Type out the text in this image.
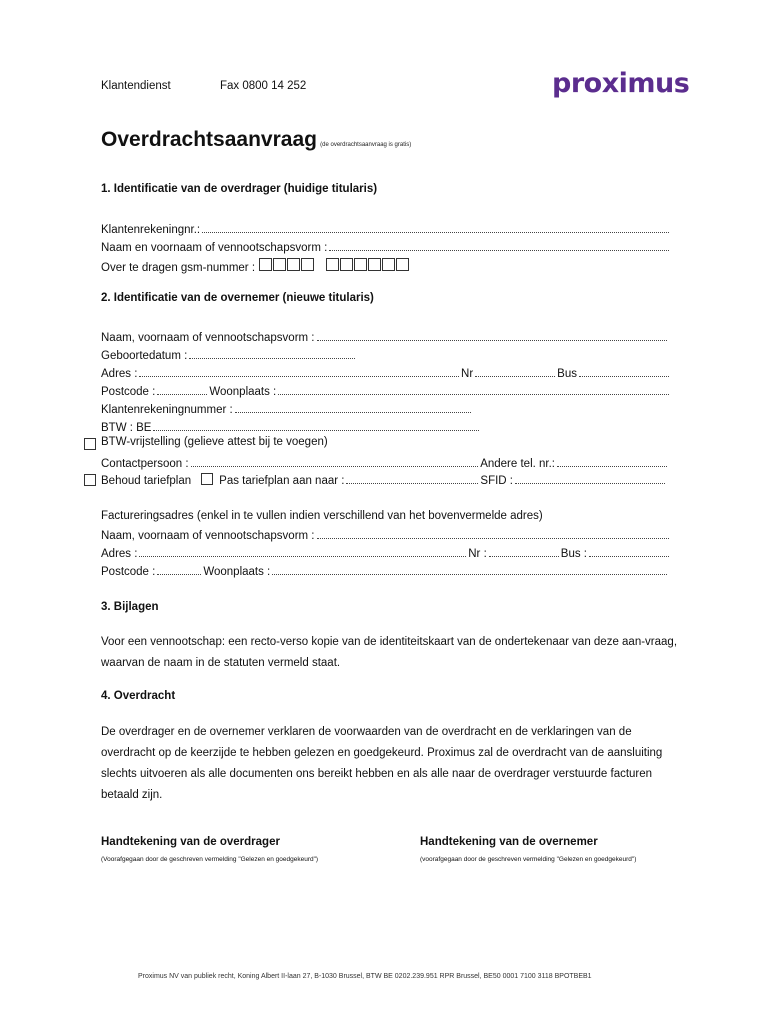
Klantendienst	Fax 0800 14 252	proximus
Overdrachtsaanvraag (de overdrachtsaanvraag is gratis)
1. Identificatie van de overdrager (huidige titularis)
Klantenrekeningnr.:
Naam en voornaam of vennootschapsvorm :
Over te dragen gsm-nummer :
2. Identificatie van de overnemer (nieuwe titularis)
Naam, voornaam of vennootschapsvorm :
Geboortedatum :
Adres :	Nr	Bus
Postcode :	Woonplaats :
Klantenrekeningnummer :
BTW : BE
BTW-vrijstelling (gelieve attest bij te voegen)
Contactpersoon :	Andere tel. nr.:
Behoud tariefplan Pas tariefplan aan naar :	SFID :
Factureringsadres (enkel in te vullen indien verschillend van het bovenvermelde adres)
Naam, voornaam of vennootschapsvorm :
Adres :	Nr :	Bus :
Postcode :	Woonplaats :
3. Bijlagen
Voor een vennootschap: een recto-verso kopie van de identiteitskaart van de ondertekenaar van deze aan-vraag, waarvan de naam in de statuten vermeld staat.
4. Overdracht
De overdrager en de overnemer verklaren de voorwaarden van de overdracht en de verklaringen van de overdracht op de keerzijde te hebben gelezen en goedgekeurd. Proximus zal de overdracht van de aansluiting slechts uitvoeren als alle documenten ons bereikt hebben en als alle naar de overdrager verstuurde facturen betaald zijn.
Handtekening van de overdrager
(Voorafgegaan door de geschreven vermelding "Gelezen en goedgekeurd")
Handtekening van de overnemer
(voorafgegaan door de geschreven vermelding "Gelezen en goedgekeurd")
Proximus NV van publiek recht, Koning Albert II-laan 27, B-1030 Brussel, BTW BE 0202.239.951 RPR Brussel, BE50 0001 7100 3118 BPOTBEB1
